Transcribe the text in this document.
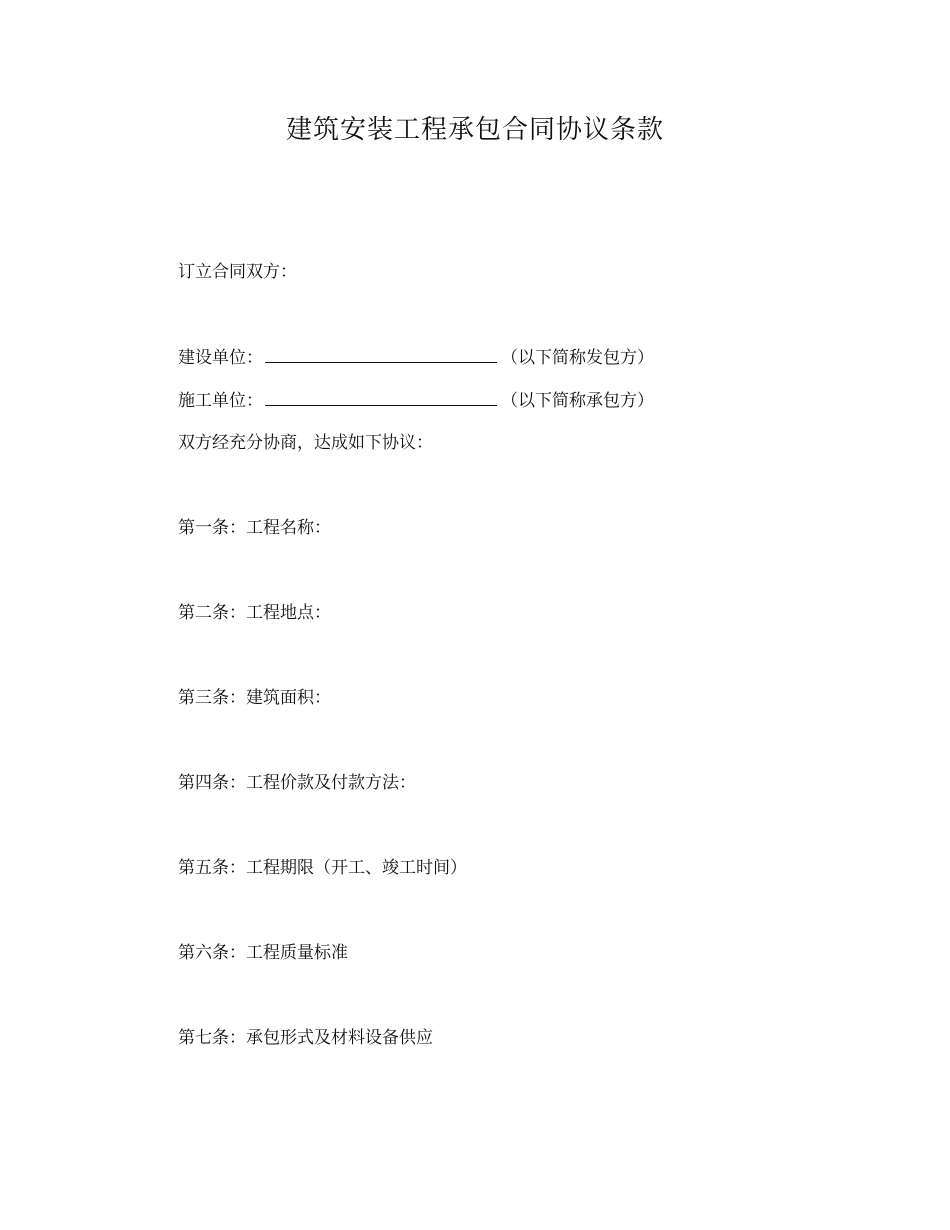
建筑安装工程承包合同协议条款
订立合同双方：
建设单位：	（以下简称发包方）
施工单位：	（以下简称承包方）
双方经充分协商，达成如下协议：
第一条：工程名称：
第二条：工程地点：
第三条：建筑面积：
第四条：工程价款及付款方法：
第五条：工程期限（开工、竣工时间）
第六条：工程质量标准
第七条：承包形式及材料设备供应
